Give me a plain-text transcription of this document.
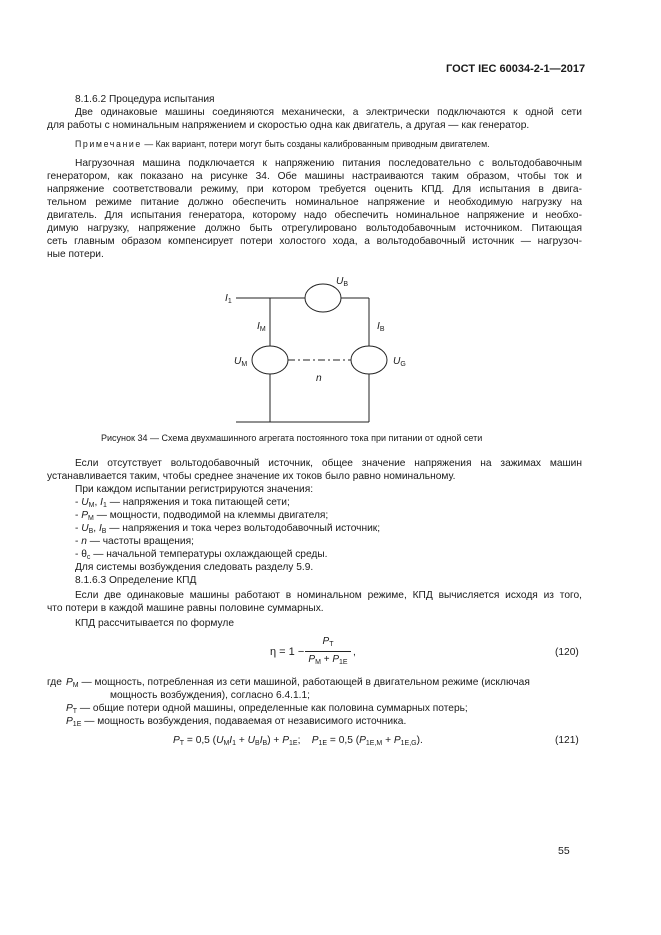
ГОСТ IEC 60034-2-1—2017
8.1.6.2 Процедура испытания
Две одинаковые машины соединяются механически, а электрически подключаются к одной сети
для работы с номинальным напряжением и скоростью одна как двигатель, а другая — как генератор.
Примечание — Как вариант, потери могут быть созданы калиброванным приводным двигателем.
Нагрузочная машина подключается к напряжению питания последовательно с вольтодобавочным
генератором, как показано на рисунке 34. Обе машины настраиваются таким образом, чтобы ток и
напряжение соответствовали режиму, при котором требуется оценить КПД. Для испытания в двига-
тельном режиме питание должно обеспечить номинальное напряжение и необходимую нагрузку на
двигатель. Для испытания генератора, которому надо обеспечить номинальное напряжение и необхо-
димую нагрузку, напряжение должно быть отрегулировано вольтодобавочным источником. Питающая
сеть главным образом компенсирует потери холостого хода, а вольтодобавочный источник — нагрузоч-
ные потери.
$I_1$
$U_B$
$I_M$	$I_B$
$U_M$	$U_G$
n
Рисунок 34 — Схема двухмашинного агрегата постоянного тока при питании от одной сети
Если отсутствует вольтодобавочный источник, общее значение напряжения на зажимах машин
устанавливается таким, чтобы среднее значение их токов было равно номинальному.
При каждом испытании регистрируются значения:
- $U_M$, $I_1$ — напряжения и тока питающей сети;
- $P_M$ — мощности, подводимой на клеммы двигателя;
- $U_B$, $I_B$ — напряжения и тока через вольтодобавочный источник;
- n — частоты вращения;
- $\theta_c$ — начальной температуры охлаждающей среды.
Для системы возбуждения следовать разделу 5.9.
8.1.6.3 Определение КПД
Если две одинаковые машины работают в номинальном режиме, КПД вычисляется исходя из того,
что потери в каждой машине равны половине суммарных.
КПД рассчитывается по формуле
η = 1 −
$P_T$
$P_M + P_{1E}$
,	(120)
где $P_M$ — мощность, потребленная из сети машиной, работающей в двигательном режиме (исключая
мощность возбуждения), согласно 6.4.1.1;
$P_T$ — общие потери одной машины, определенные как половина суммарных потерь;
$P_{1E}$ — мощность возбуждения, подаваемая от независимого источника.
$P_T = 0,5$ $(U_MI_1 + U_BI_B) + P_{1E}$;    $P_{1E} = 0,5$ $(P_{1E,M} + P_{1E,G})$.	(121)
55
